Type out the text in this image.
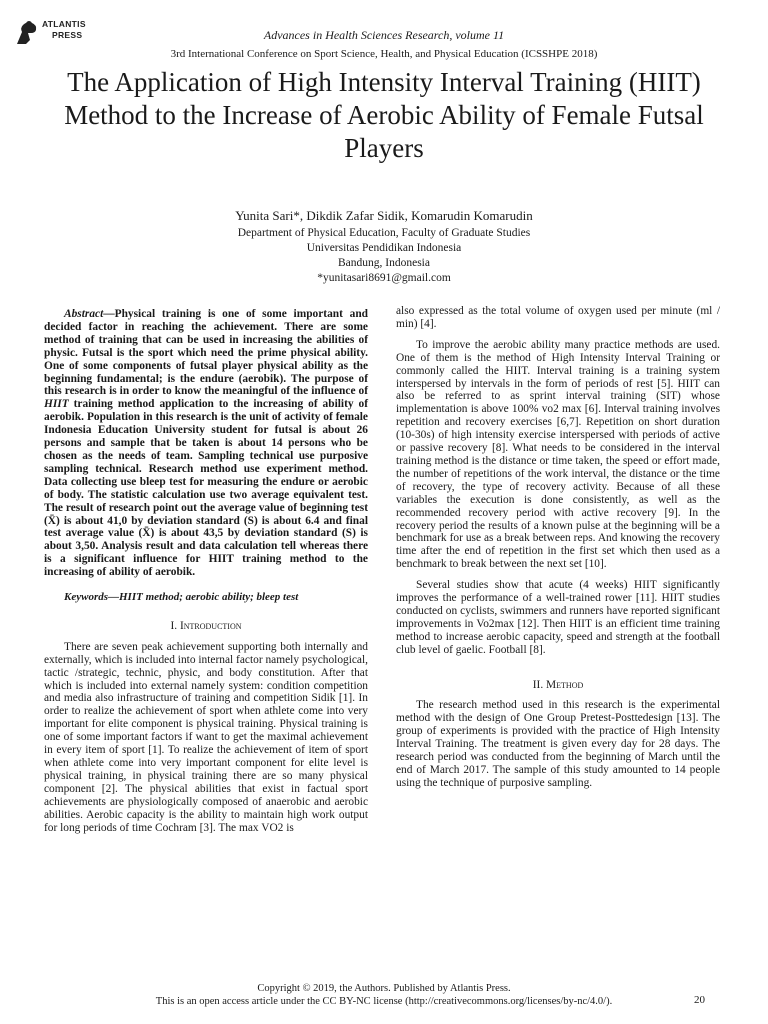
ATLANTIS
PRESS	Advances in Health Sciences Research, volume 11
3rd International Conference on Sport Science, Health, and Physical Education (ICSSHPE 2018)
The Application of High Intensity Interval Training (HIIT) Method to the Increase of Aerobic Ability of Female Futsal Players
Yunita Sari*, Dikdik Zafar Sidik, Komarudin Komarudin
Department of Physical Education, Faculty of Graduate Studies
Universitas Pendidikan Indonesia
Bandung, Indonesia
*yunitasari8691@gmail.com

Abstract—Physical training is one of some important and decided factor in reaching the achievement. There are some method of training that can be used in increasing the abilities of physic. Futsal is the sport which need the prime physical ability. One of some components of futsal player physical ability as the beginning fundamental; is the endure (aerobik). The purpose of this research is in order to know the meaningful of the influence of HIIT training method application to the increasing of ability of aerobik. Population in this research is the unit of activity of female Indonesia Education University student for futsal is about 26 persons and sample that be taken is about 14 persons who be chosen as the needs of team. Sampling technical use purposive sampling technical. Research method use experiment method. Data collecting use bleep test for measuring the endure or aerobic of body. The statistic calculation use two average equivalent test. The result of research point out the average value of beginning test (X̄) is about 41,0 by deviation standard (S) is about 6.4 and final test average value (X̄) is about 43,5 by deviation standard (S) is about 3,50. Analysis result and data calculation tell whereas there is a significant influence for HIIT training method to the increasing of ability of aerobik.

Keywords—HIIT method; aerobic ability; bleep test

I. Introduction

There are seven peak achievement supporting both internally and externally, which is included into internal factor namely psychological, tactic /strategic, technic, physic, and body constitution. After that which is included into external namely system: condition competition and media also infrastructure of training and competition Sidik [1]. In order to realize the achievement of sport when athlete come into very important for elite component is physical training. Physical training is one of some important factors if want to get the maximal achievement in every item of sport [1]. To realize the achievement of item of sport when athlete come into very important component for elite level is physical training, in physical training there are so many physical component [2]. The physical abilities that exist in factual sport achievements are physiologically composed of anaerobic and aerobic abilities. Aerobic capacity is the ability to maintain high work output for long periods of time Cochram [3]. The max VO2 is

also expressed as the total volume of oxygen used per minute (ml / min) [4].

To improve the aerobic ability many practice methods are used. One of them is the method of High Intensity Interval Training or commonly called the HIIT. Interval training is a training system interspersed by intervals in the form of periods of rest [5]. HIIT can also be referred to as sprint interval training (SIT) whose implementation is above 100% vo2 max [6]. Interval training involves repetition and recovery exercises [6,7]. Repetition on short duration (10-30s) of high intensity exercise interspersed with periods of active or passive recovery [8]. What needs to be considered in the interval training method is the distance or time taken, the speed or effort made, the number of repetitions of the work interval, the distance or the time of recovery, the type of recovery activity. Because of all these variables the execution is done consistently, as well as the recommended recovery period with active recovery [9]. In the recovery period the results of a known pulse at the beginning will be a benchmark for use as a break between reps. And knowing the recovery time after the end of repetition in the first set which then used as a benchmark to break between the next set [10].

Several studies show that acute (4 weeks) HIIT significantly improves the performance of a well-trained rower [11]. HIIT studies conducted on cyclists, swimmers and runners have reported significant improvements in Vo2max [12]. Then HIIT is an efficient time training method to increase aerobic capacity, speed and strength at the football club level of gaelic. Football [8].

II. Method

The research method used in this research is the experimental method with the design of One Group Pretest-Posttedesign [13]. The group of experiments is provided with the practice of High Intensity Interval Training. The treatment is given every day for 28 days. The research period was conducted from the beginning of March until the end of March 2017. The sample of this study amounted to 14 people using the technique of purposive sampling.

Copyright © 2019, the Authors. Published by Atlantis Press.
This is an open access article under the CC BY-NC license (http://creativecommons.org/licenses/by-nc/4.0/).	20
